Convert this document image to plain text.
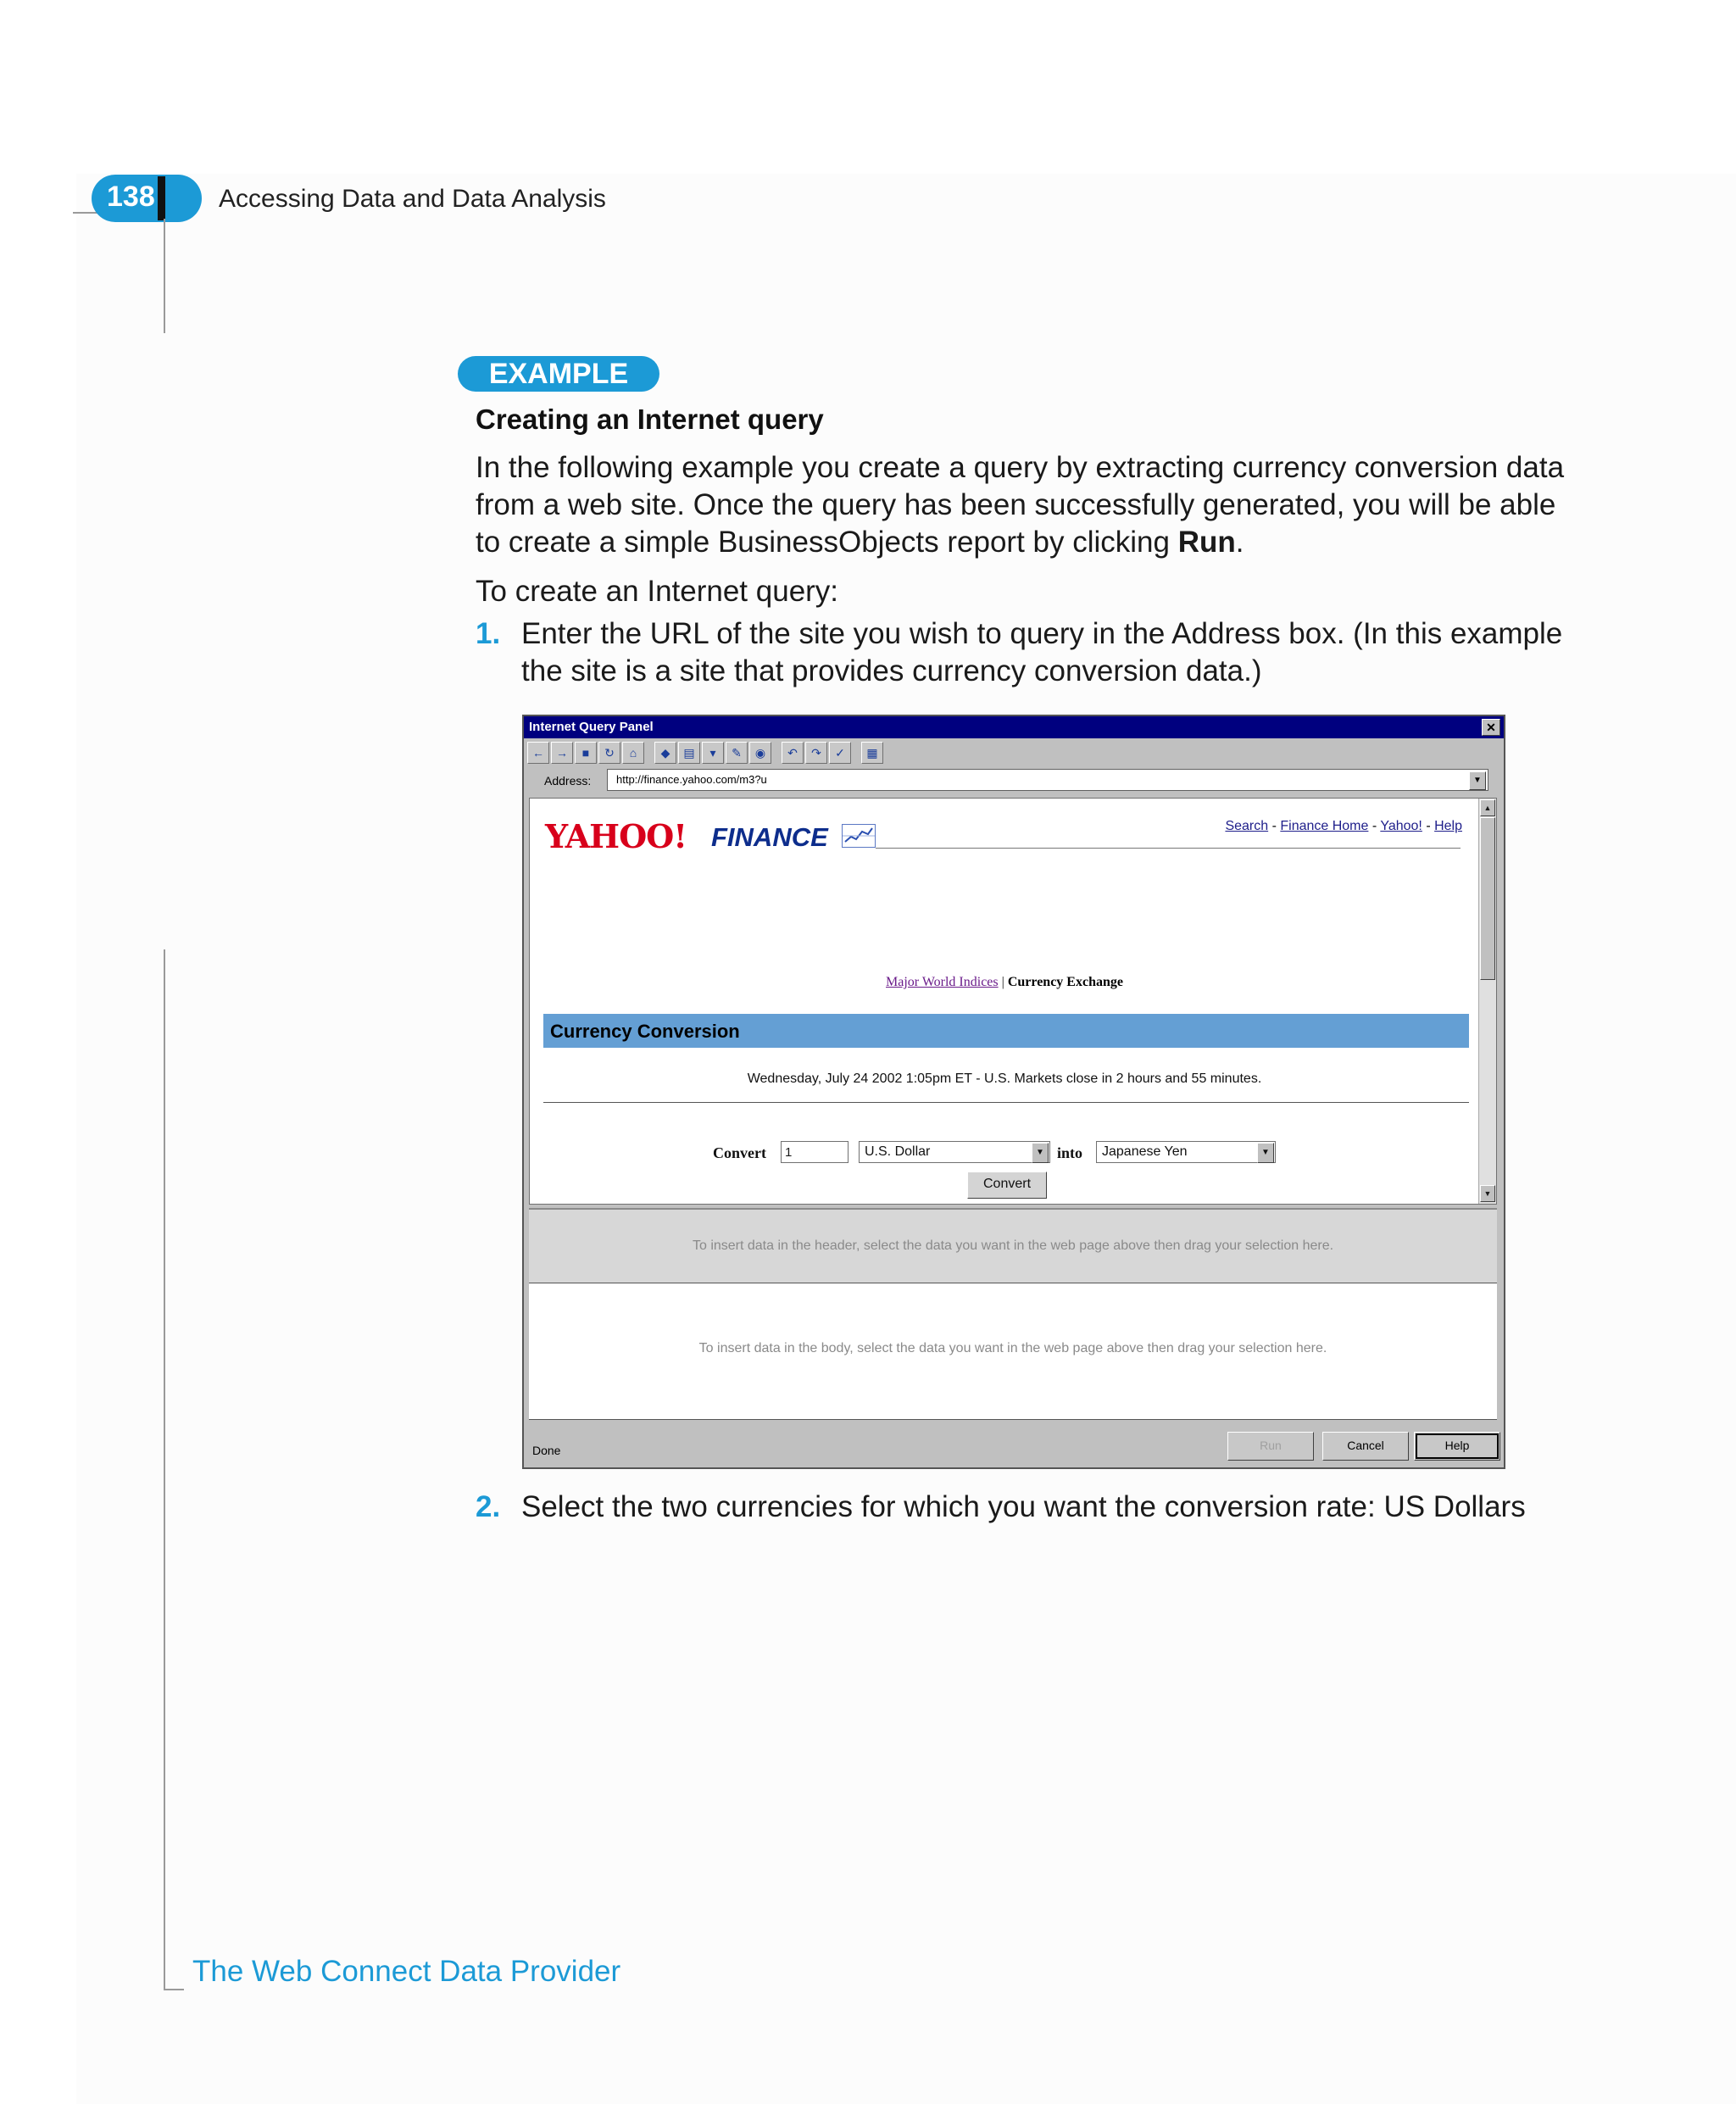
138	Accessing Data and Data Analysis
The Web Connect Data Provider
EXAMPLE
Creating an Internet query
In the following example you create a query by extracting currency conversion data from a web site. Once the query has been successfully generated, you will be able to create a simple BusinessObjects report by clicking Run.
To create an Internet query:
1. Enter the URL of the site you wish to query in the Address box. (In this example the site is a site that provides currency conversion data.)
2. Select the two currencies for which you want the conversion rate: US Dollars
Internet Query Panel	✕
←	→	■	↻	⌂	◆	▤	▾	✎	◉	↶	↷	✓	▦
Address:	http://finance.yahoo.com/m3?u	▼
YAHOO! FINANCE	Search - Finance Home - Yahoo! - Help
Major World Indices | Currency Exchange
Currency Conversion
Wednesday, July 24 2002 1:05pm ET - U.S. Markets close in 2 hours and 55 minutes.
Convert	1	U.S. Dollar	▼ into	Japanese Yen	▼
Convert
▲
▼
To insert data in the header, select the data you want in the web page above then drag your selection here.
To insert data in the body, select the data you want in the web page above then drag your selection here.
Done	Run	Cancel	Help
